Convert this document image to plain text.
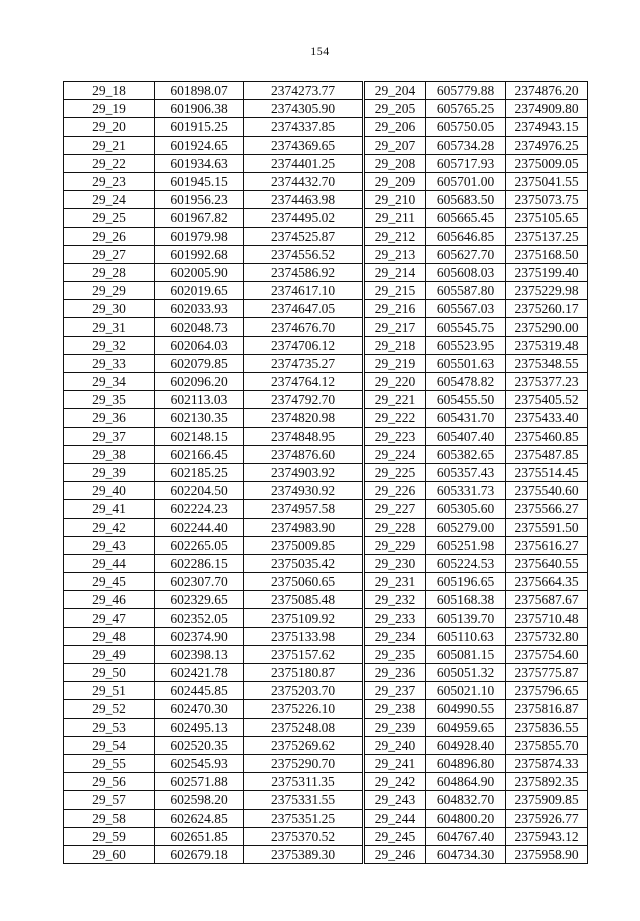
154
29_18	601898.07	2374273.77	29_204	605779.88	2374876.20
29_19	601906.38	2374305.90	29_205	605765.25	2374909.80
29_20	601915.25	2374337.85	29_206	605750.05	2374943.15
29_21	601924.65	2374369.65	29_207	605734.28	2374976.25
29_22	601934.63	2374401.25	29_208	605717.93	2375009.05
29_23	601945.15	2374432.70	29_209	605701.00	2375041.55
29_24	601956.23	2374463.98	29_210	605683.50	2375073.75
29_25	601967.82	2374495.02	29_211	605665.45	2375105.65
29_26	601979.98	2374525.87	29_212	605646.85	2375137.25
29_27	601992.68	2374556.52	29_213	605627.70	2375168.50
29_28	602005.90	2374586.92	29_214	605608.03	2375199.40
29_29	602019.65	2374617.10	29_215	605587.80	2375229.98
29_30	602033.93	2374647.05	29_216	605567.03	2375260.17
29_31	602048.73	2374676.70	29_217	605545.75	2375290.00
29_32	602064.03	2374706.12	29_218	605523.95	2375319.48
29_33	602079.85	2374735.27	29_219	605501.63	2375348.55
29_34	602096.20	2374764.12	29_220	605478.82	2375377.23
29_35	602113.03	2374792.70	29_221	605455.50	2375405.52
29_36	602130.35	2374820.98	29_222	605431.70	2375433.40
29_37	602148.15	2374848.95	29_223	605407.40	2375460.85
29_38	602166.45	2374876.60	29_224	605382.65	2375487.85
29_39	602185.25	2374903.92	29_225	605357.43	2375514.45
29_40	602204.50	2374930.92	29_226	605331.73	2375540.60
29_41	602224.23	2374957.58	29_227	605305.60	2375566.27
29_42	602244.40	2374983.90	29_228	605279.00	2375591.50
29_43	602265.05	2375009.85	29_229	605251.98	2375616.27
29_44	602286.15	2375035.42	29_230	605224.53	2375640.55
29_45	602307.70	2375060.65	29_231	605196.65	2375664.35
29_46	602329.65	2375085.48	29_232	605168.38	2375687.67
29_47	602352.05	2375109.92	29_233	605139.70	2375710.48
29_48	602374.90	2375133.98	29_234	605110.63	2375732.80
29_49	602398.13	2375157.62	29_235	605081.15	2375754.60
29_50	602421.78	2375180.87	29_236	605051.32	2375775.87
29_51	602445.85	2375203.70	29_237	605021.10	2375796.65
29_52	602470.30	2375226.10	29_238	604990.55	2375816.87
29_53	602495.13	2375248.08	29_239	604959.65	2375836.55
29_54	602520.35	2375269.62	29_240	604928.40	2375855.70
29_55	602545.93	2375290.70	29_241	604896.80	2375874.33
29_56	602571.88	2375311.35	29_242	604864.90	2375892.35
29_57	602598.20	2375331.55	29_243	604832.70	2375909.85
29_58	602624.85	2375351.25	29_244	604800.20	2375926.77
29_59	602651.85	2375370.52	29_245	604767.40	2375943.12
29_60	602679.18	2375389.30	29_246	604734.30	2375958.90
